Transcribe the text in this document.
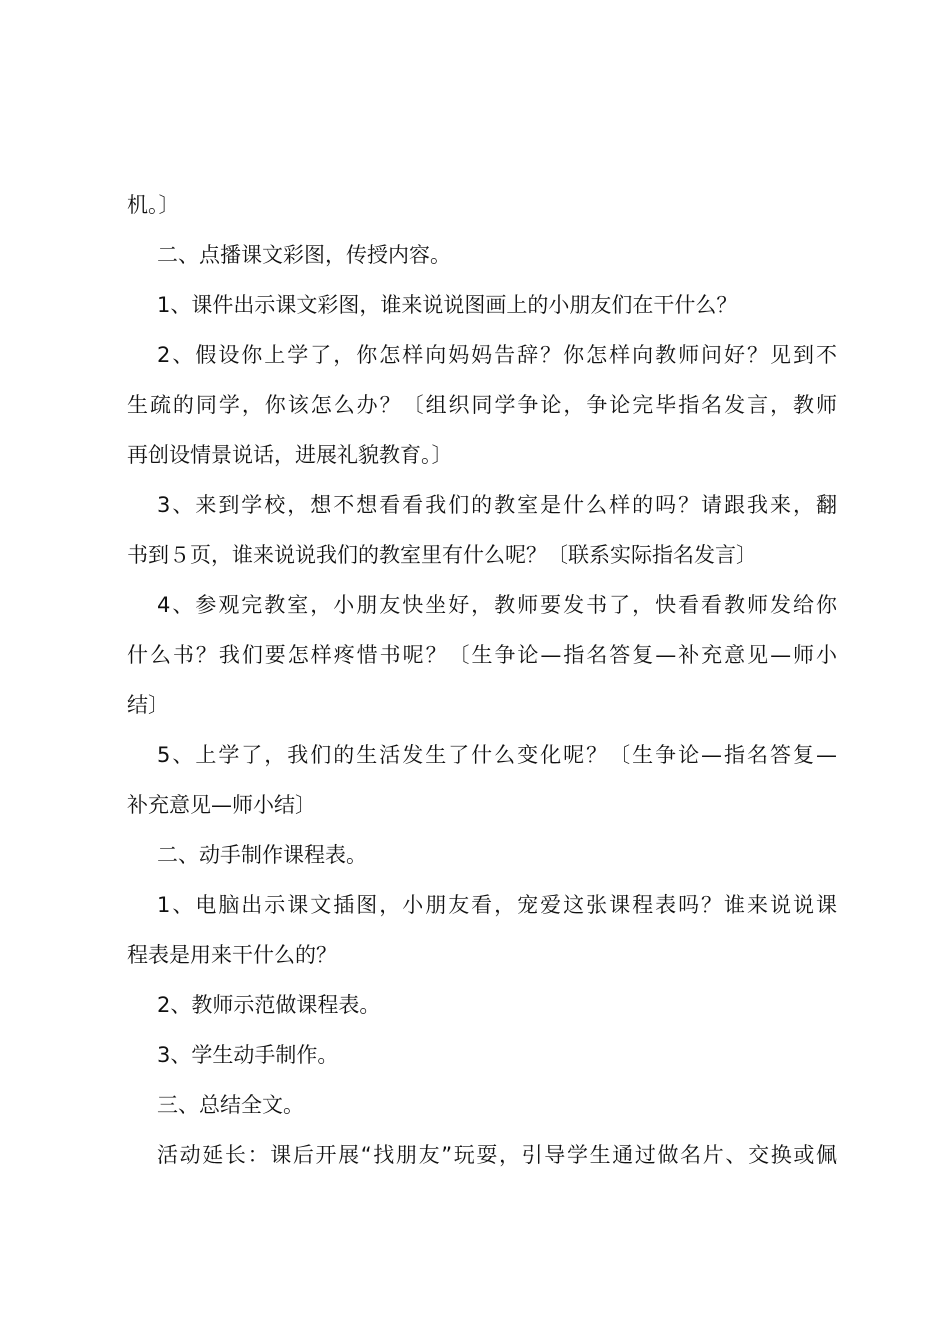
机。〕
二、点播课文彩图，传授内容。
1、课件出示课文彩图，谁来说说图画上的小朋友们在干什么？
2、假设你上学了，你怎样向妈妈告辞？你怎样向教师问好？见到不
生疏的同学，你该怎么办？〔组织同学争论，争论完毕指名发言，教师
再创设情景说话，进展礼貌教育。〕
3、来到学校，想不想看看我们的教室是什么样的吗？请跟我来，翻
书到５页，谁来说说我们的教室里有什么呢？〔联系实际指名发言〕
4、参观完教室，小朋友快坐好，教师要发书了，快看看教师发给你
什么书？我们要怎样疼惜书呢？〔生争论—指名答复—补充意见—师小
结〕
5、上学了，我们的生活发生了什么变化呢？〔生争论—指名答复—
补充意见—师小结〕
二、动手制作课程表。
1、电脑出示课文插图，小朋友看，宠爱这张课程表吗？谁来说说课
程表是用来干什么的？
2、教师示范做课程表。
3、学生动手制作。
三、总结全文。
活动延长：课后开展“找朋友”玩耍，引导学生通过做名片、交换或佩
